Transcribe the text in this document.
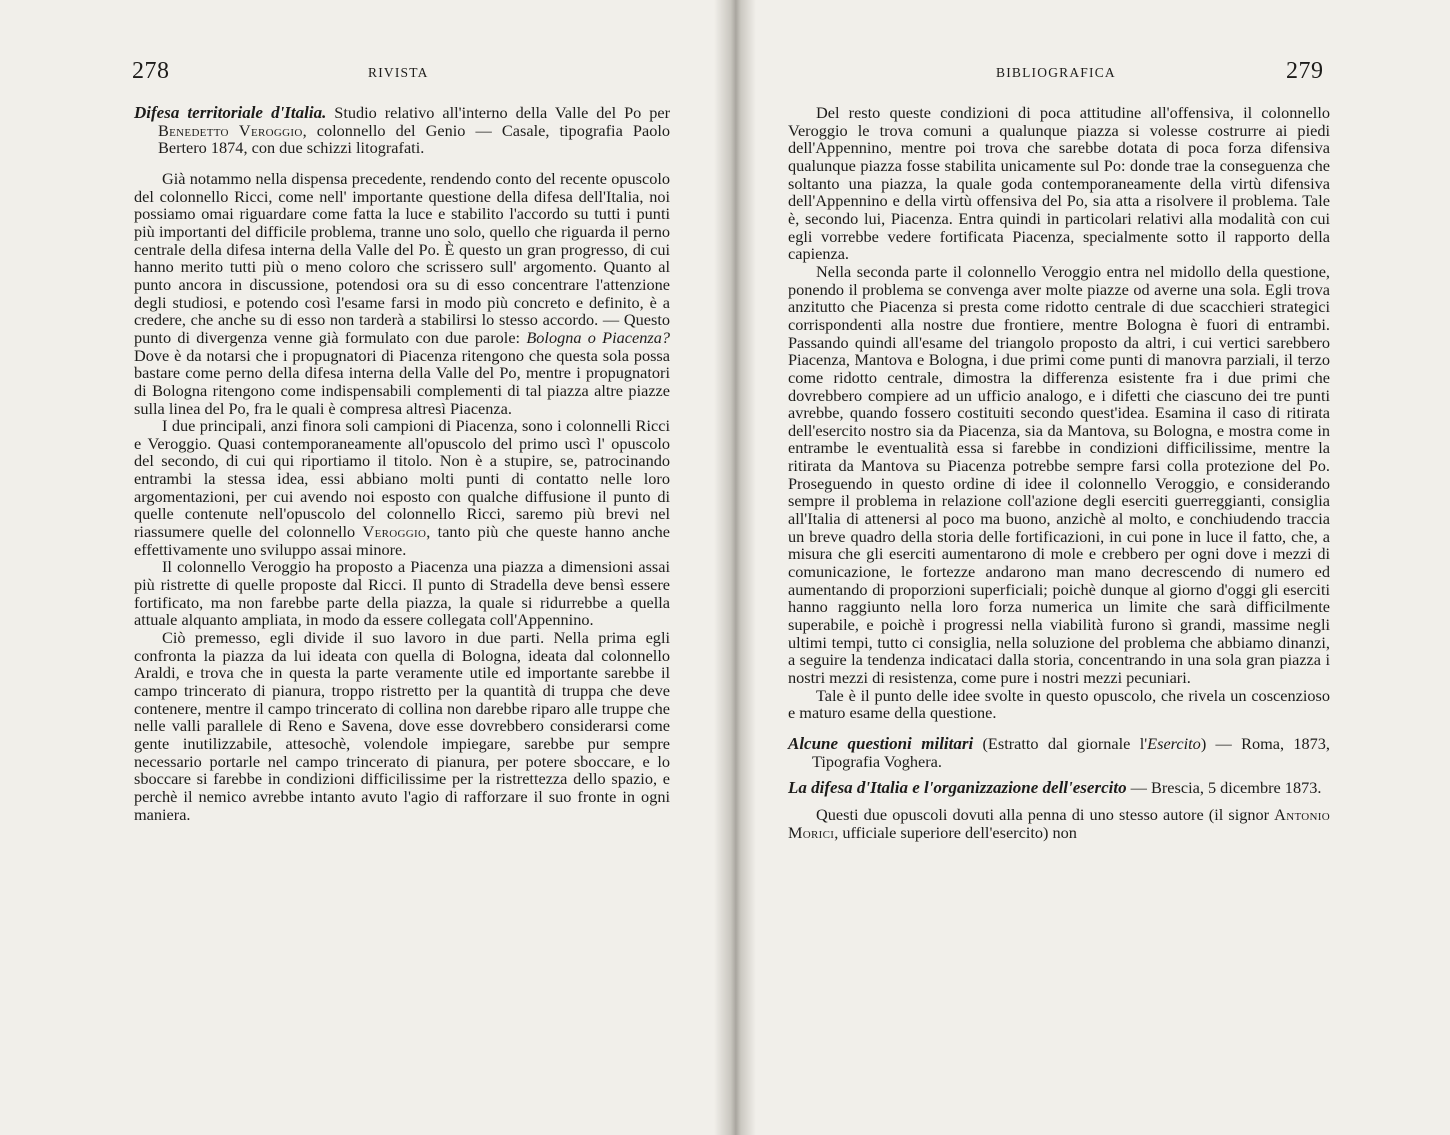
278	RIVISTA

Difesa territoriale d'Italia. Studio relativo all'interno della Valle del Po per Benedetto Veroggio, colonnello del Genio — Casale, tipografia Paolo Bertero 1874, con due schizzi litografati.

Già notammo nella dispensa precedente, rendendo conto del recente opuscolo del colonnello Ricci, come nell' importante questione della difesa dell'Italia, noi possiamo omai riguardare come fatta la luce e stabilito l'accordo su tutti i punti più importanti del difficile problema, tranne uno solo, quello che riguarda il perno centrale della difesa interna della Valle del Po. È questo un gran progresso, di cui hanno merito tutti più o meno coloro che scrissero sull' argomento. Quanto al punto ancora in discussione, potendosi ora su di esso concentrare l'attenzione degli studiosi, e potendo così l'esame farsi in modo più concreto e definito, è a credere, che anche su di esso non tarderà a stabilirsi lo stesso accordo. — Questo punto di divergenza venne già formulato con due parole: Bologna o Piacenza? Dove è da notarsi che i propugnatori di Piacenza ritengono che questa sola possa bastare come perno della difesa interna della Valle del Po, mentre i propugnatori di Bologna ritengono come indispensabili complementi di tal piazza altre piazze sulla linea del Po, fra le quali è compresa altresì Piacenza.

I due principali, anzi finora soli campioni di Piacenza, sono i colonnelli Ricci e Veroggio. Quasi contemporaneamente all'opuscolo del primo uscì l' opuscolo del secondo, di cui qui riportiamo il titolo. Non è a stupire, se, patrocinando entrambi la stessa idea, essi abbiano molti punti di contatto nelle loro argomentazioni, per cui avendo noi esposto con qualche diffusione il punto di quelle contenute nell'opuscolo del colonnello Ricci, saremo più brevi nel riassumere quelle del colonnello Veroggio, tanto più che queste hanno anche effettivamente uno sviluppo assai minore.

Il colonnello Veroggio ha proposto a Piacenza una piazza a dimensioni assai più ristrette di quelle proposte dal Ricci. Il punto di Stradella deve bensì essere fortificato, ma non farebbe parte della piazza, la quale si ridurrebbe a quella attuale alquanto ampliata, in modo da essere collegata coll'Appennino.

Ciò premesso, egli divide il suo lavoro in due parti. Nella prima egli confronta la piazza da lui ideata con quella di Bologna, ideata dal colonnello Araldi, e trova che in questa la parte veramente utile ed importante sarebbe il campo trincerato di pianura, troppo ristretto per la quantità di truppa che deve contenere, mentre il campo trincerato di collina non darebbe riparo alle truppe che nelle valli parallele di Reno e Savena, dove esse dovrebbero considerarsi come gente inutilizzabile, attesochè, volendole impiegare, sarebbe pur sempre necessario portarle nel campo trincerato di pianura, per potere sboccare, e lo sboccare si farebbe in condizioni difficilissime per la ristrettezza dello spazio, e perchè il nemico avrebbe intanto avuto l'agio di rafforzare il suo fronte in ogni maniera.

BIBLIOGRAFICA	279

Del resto queste condizioni di poca attitudine all'offensiva, il colonnello Veroggio le trova comuni a qualunque piazza si volesse costrurre ai piedi dell'Appennino, mentre poi trova che sarebbe dotata di poca forza difensiva qualunque piazza fosse stabilita unicamente sul Po: donde trae la conseguenza che soltanto una piazza, la quale goda contemporaneamente della virtù difensiva dell'Appennino e della virtù offensiva del Po, sia atta a risolvere il problema. Tale è, secondo lui, Piacenza. Entra quindi in particolari relativi alla modalità con cui egli vorrebbe vedere fortificata Piacenza, specialmente sotto il rapporto della capienza.

Nella seconda parte il colonnello Veroggio entra nel midollo della questione, ponendo il problema se convenga aver molte piazze od averne una sola. Egli trova anzitutto che Piacenza si presta come ridotto centrale di due scacchieri strategici corrispondenti alla nostre due frontiere, mentre Bologna è fuori di entrambi. Passando quindi all'esame del triangolo proposto da altri, i cui vertici sarebbero Piacenza, Mantova e Bologna, i due primi come punti di manovra parziali, il terzo come ridotto centrale, dimostra la differenza esistente fra i due primi che dovrebbero compiere ad un ufficio analogo, e i difetti che ciascuno dei tre punti avrebbe, quando fossero costituiti secondo quest'idea. Esamina il caso di ritirata dell'esercito nostro sia da Piacenza, sia da Mantova, su Bologna, e mostra come in entrambe le eventualità essa si farebbe in condizioni difficilissime, mentre la ritirata da Mantova su Piacenza potrebbe sempre farsi colla protezione del Po. Proseguendo in questo ordine di idee il colonnello Veroggio, e considerando sempre il problema in relazione coll'azione degli eserciti guerreggianti, consiglia all'Italia di attenersi al poco ma buono, anzichè al molto, e conchiudendo traccia un breve quadro della storia delle fortificazioni, in cui pone in luce il fatto, che, a misura che gli eserciti aumentarono di mole e crebbero per ogni dove i mezzi di comunicazione, le fortezze andarono man mano decrescendo di numero ed aumentando di proporzioni superficiali; poichè dunque al giorno d'oggi gli eserciti hanno raggiunto nella loro forza numerica un limite che sarà difficilmente superabile, e poichè i progressi nella viabilità furono sì grandi, massime negli ultimi tempi, tutto ci consiglia, nella soluzione del problema che abbiamo dinanzi, a seguire la tendenza indicataci dalla storia, concentrando in una sola gran piazza i nostri mezzi di resistenza, come pure i nostri mezzi pecuniari.

Tale è il punto delle idee svolte in questo opuscolo, che rivela un coscenzioso e maturo esame della questione.

Alcune questioni militari (Estratto dal giornale l'Esercito) — Roma, 1873, Tipografia Voghera.

La difesa d'Italia e l'organizzazione dell'esercito — Brescia, 5 dicembre 1873.

Questi due opuscoli dovuti alla penna di uno stesso autore (il signor Antonio Morici, ufficiale superiore dell'esercito) non
